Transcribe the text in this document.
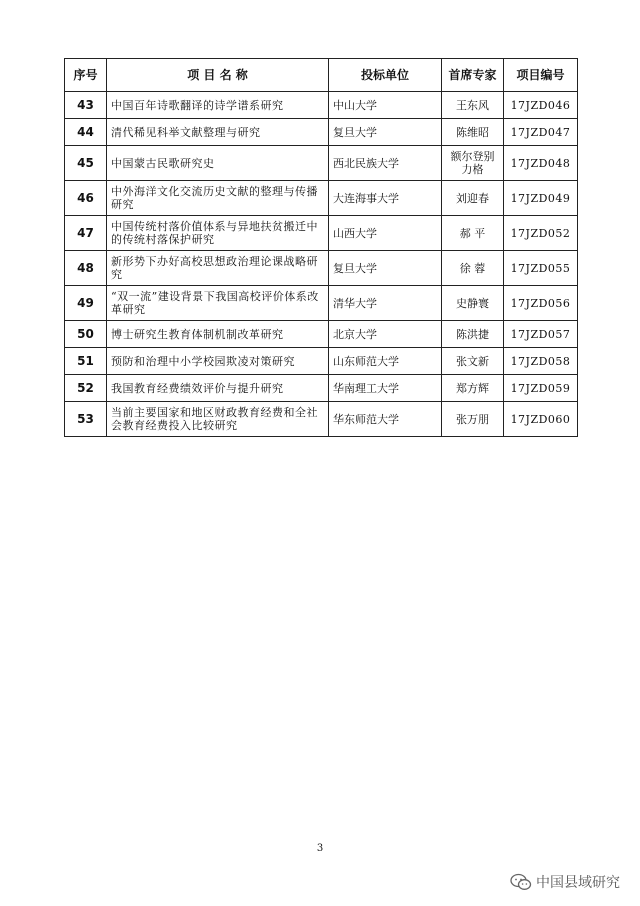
序号	项 目 名 称	投标单位	首席专家	项目编号
43	中国百年诗歌翻译的诗学谱系研究	中山大学	王东风	17JZD046
44	清代稀见科举文献整理与研究	复旦大学	陈维昭	17JZD047
45	中国蒙古民歌研究史	西北民族大学	额尔登别力格	17JZD048
46	中外海洋文化交流历史文献的整理与传播研究	大连海事大学	刘迎春	17JZD049
47	中国传统村落价值体系与异地扶贫搬迁中的传统村落保护研究	山西大学	郝 平	17JZD052
48	新形势下办好高校思想政治理论课战略研究	复旦大学	徐 蓉	17JZD055
49	“双一流”建设背景下我国高校评价体系改革研究	清华大学	史静寰	17JZD056
50	博士研究生教育体制机制改革研究	北京大学	陈洪捷	17JZD057
51	预防和治理中小学校园欺凌对策研究	山东师范大学	张文新	17JZD058
52	我国教育经费绩效评价与提升研究	华南理工大学	郑方辉	17JZD059
53	当前主要国家和地区财政教育经费和全社会教育经费投入比较研究	华东师范大学	张万朋	17JZD060
3
中国县域研究
